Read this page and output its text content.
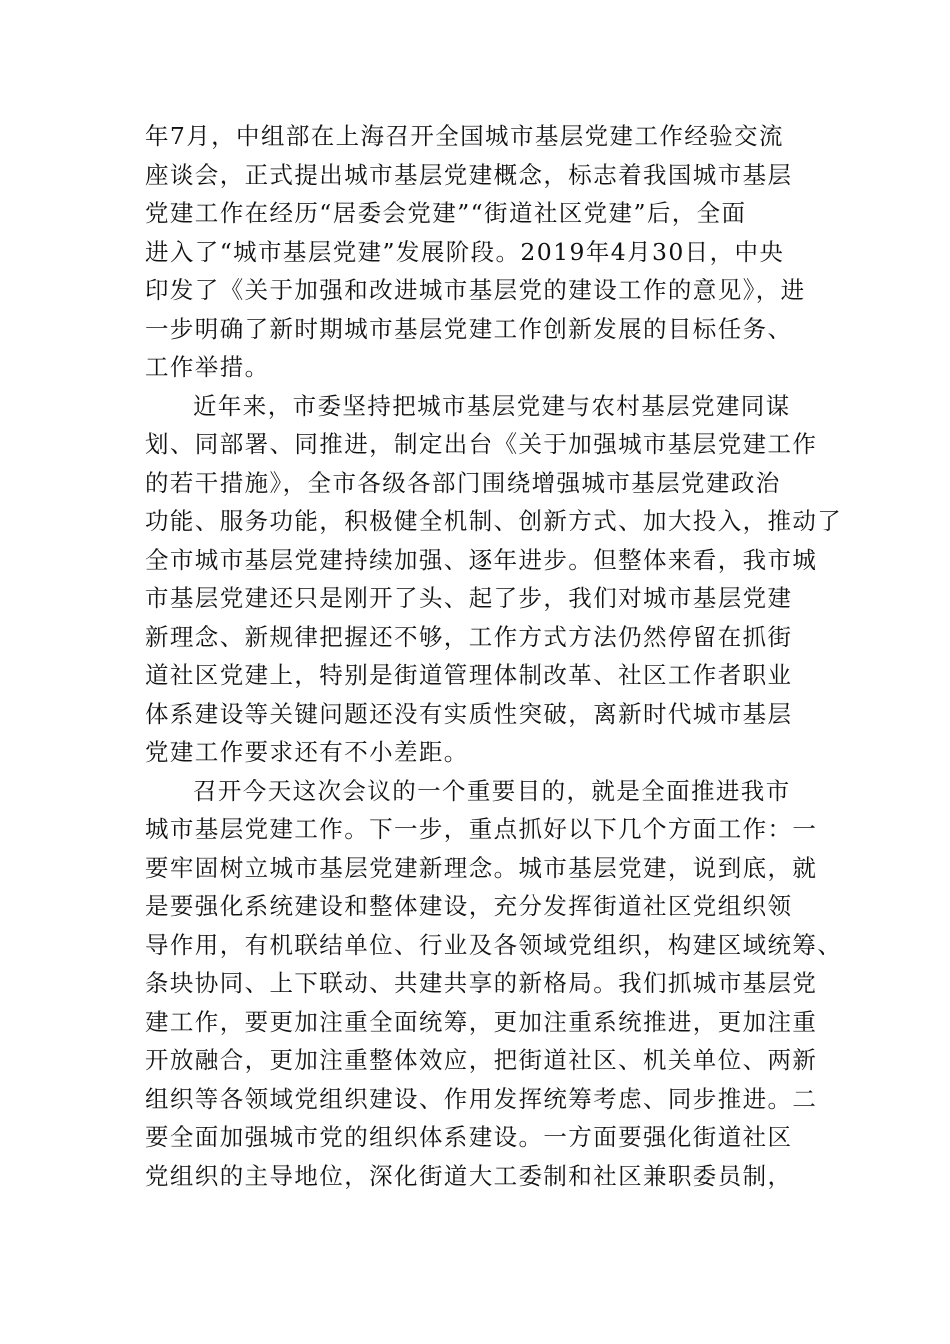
年7月，中组部在上海召开全国城市基层党建工作经验交流
座谈会，正式提出城市基层党建概念，标志着我国城市基层
党建工作在经历“居委会党建”“街道社区党建”后，全面
进入了“城市基层党建”发展阶段。2019年4月30日，中央
印发了《关于加强和改进城市基层党的建设工作的意见》，进
一步明确了新时期城市基层党建工作创新发展的目标任务、
工作举措。
近年来，市委坚持把城市基层党建与农村基层党建同谋
划、同部署、同推进，制定出台《关于加强城市基层党建工作
的若干措施》，全市各级各部门围绕增强城市基层党建政治
功能、服务功能，积极健全机制、创新方式、加大投入，推动了
全市城市基层党建持续加强、逐年进步。但整体来看，我市城
市基层党建还只是刚开了头、起了步，我们对城市基层党建
新理念、新规律把握还不够，工作方式方法仍然停留在抓街
道社区党建上，特别是街道管理体制改革、社区工作者职业
体系建设等关键问题还没有实质性突破，离新时代城市基层
党建工作要求还有不小差距。
召开今天这次会议的一个重要目的，就是全面推进我市
城市基层党建工作。下一步，重点抓好以下几个方面工作：一
要牢固树立城市基层党建新理念。城市基层党建，说到底，就
是要强化系统建设和整体建设，充分发挥街道社区党组织领
导作用，有机联结单位、行业及各领域党组织，构建区域统筹、
条块协同、上下联动、共建共享的新格局。我们抓城市基层党
建工作，要更加注重全面统筹，更加注重系统推进，更加注重
开放融合，更加注重整体效应，把街道社区、机关单位、两新
组织等各领域党组织建设、作用发挥统筹考虑、同步推进。二
要全面加强城市党的组织体系建设。一方面要强化街道社区
党组织的主导地位，深化街道大工委制和社区兼职委员制，
